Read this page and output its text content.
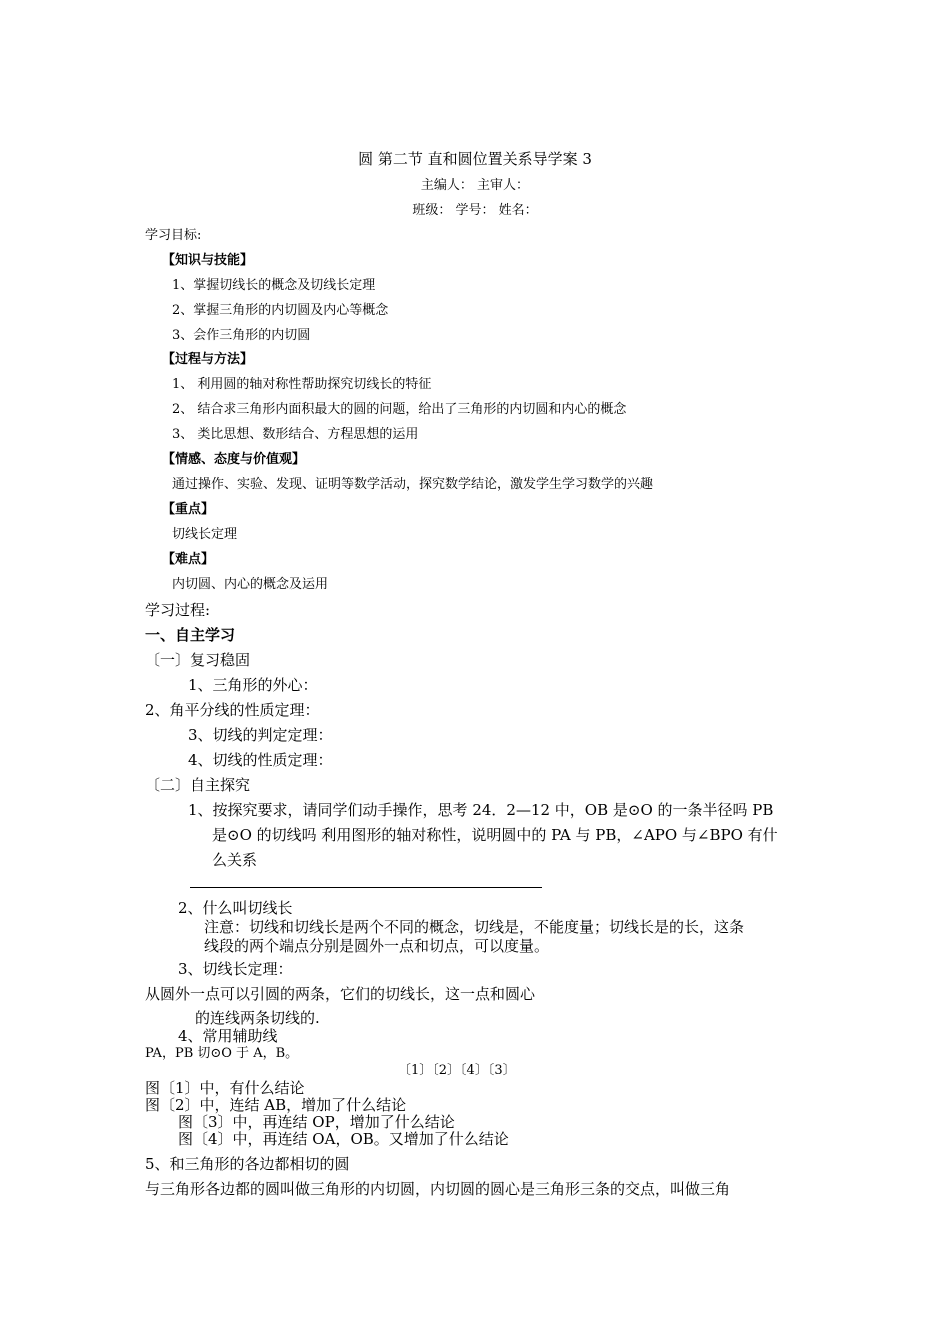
圆 第二节 直和圆位置关系导学案 3
主编人： 主审人：
班级： 学号： 姓名：
学习目标:
【知识与技能】
1、掌握切线长的概念及切线长定理
2、掌握三角形的内切圆及内心等概念
3、会作三角形的内切圆
【过程与方法】
1、 利用圆的轴对称性帮助探究切线长的特征
2、 结合求三角形内面积最大的圆的问题，给出了三角形的内切圆和内心的概念
3、 类比思想、数形结合、方程思想的运用
【情感、态度与价值观】
通过操作、实验、发现、证明等数学活动，探究数学结论，激发学生学习数学的兴趣
【重点】
切线长定理
【难点】
内切圆、内心的概念及运用
学习过程:
一、自主学习
〔一〕复习稳固
1、三角形的外心：
2、角平分线的性质定理：
3、切线的判定定理：
4、切线的性质定理：
〔二〕自主探究
1、按探究要求，请同学们动手操作，思考 24．2—12 中，OB 是⊙O 的一条半径吗 PB
是⊙O 的切线吗 利用图形的轴对称性，说明圆中的 PA 与 PB，∠APO 与∠BPO 有什
么关系
2、什么叫切线长
注意：切线和切线长是两个不同的概念，切线是，不能度量；切线长是的长，这条
线段的两个端点分别是圆外一点和切点，可以度量。
3、切线长定理：
从圆外一点可以引圆的两条，它们的切线长，这一点和圆心
的连线两条切线的.
4、常用辅助线
PA，PB 切⊙O 于 A，B。
〔1〕〔2〕〔4〕〔3〕
图〔1〕中，有什么结论
图〔2〕中，连结 AB，增加了什么结论
图〔3〕中，再连结 OP，增加了什么结论
图〔4〕中，再连结 OA，OB。又增加了什么结论
5、和三角形的各边都相切的圆
与三角形各边都的圆叫做三角形的内切圆，内切圆的圆心是三角形三条的交点，叫做三角
